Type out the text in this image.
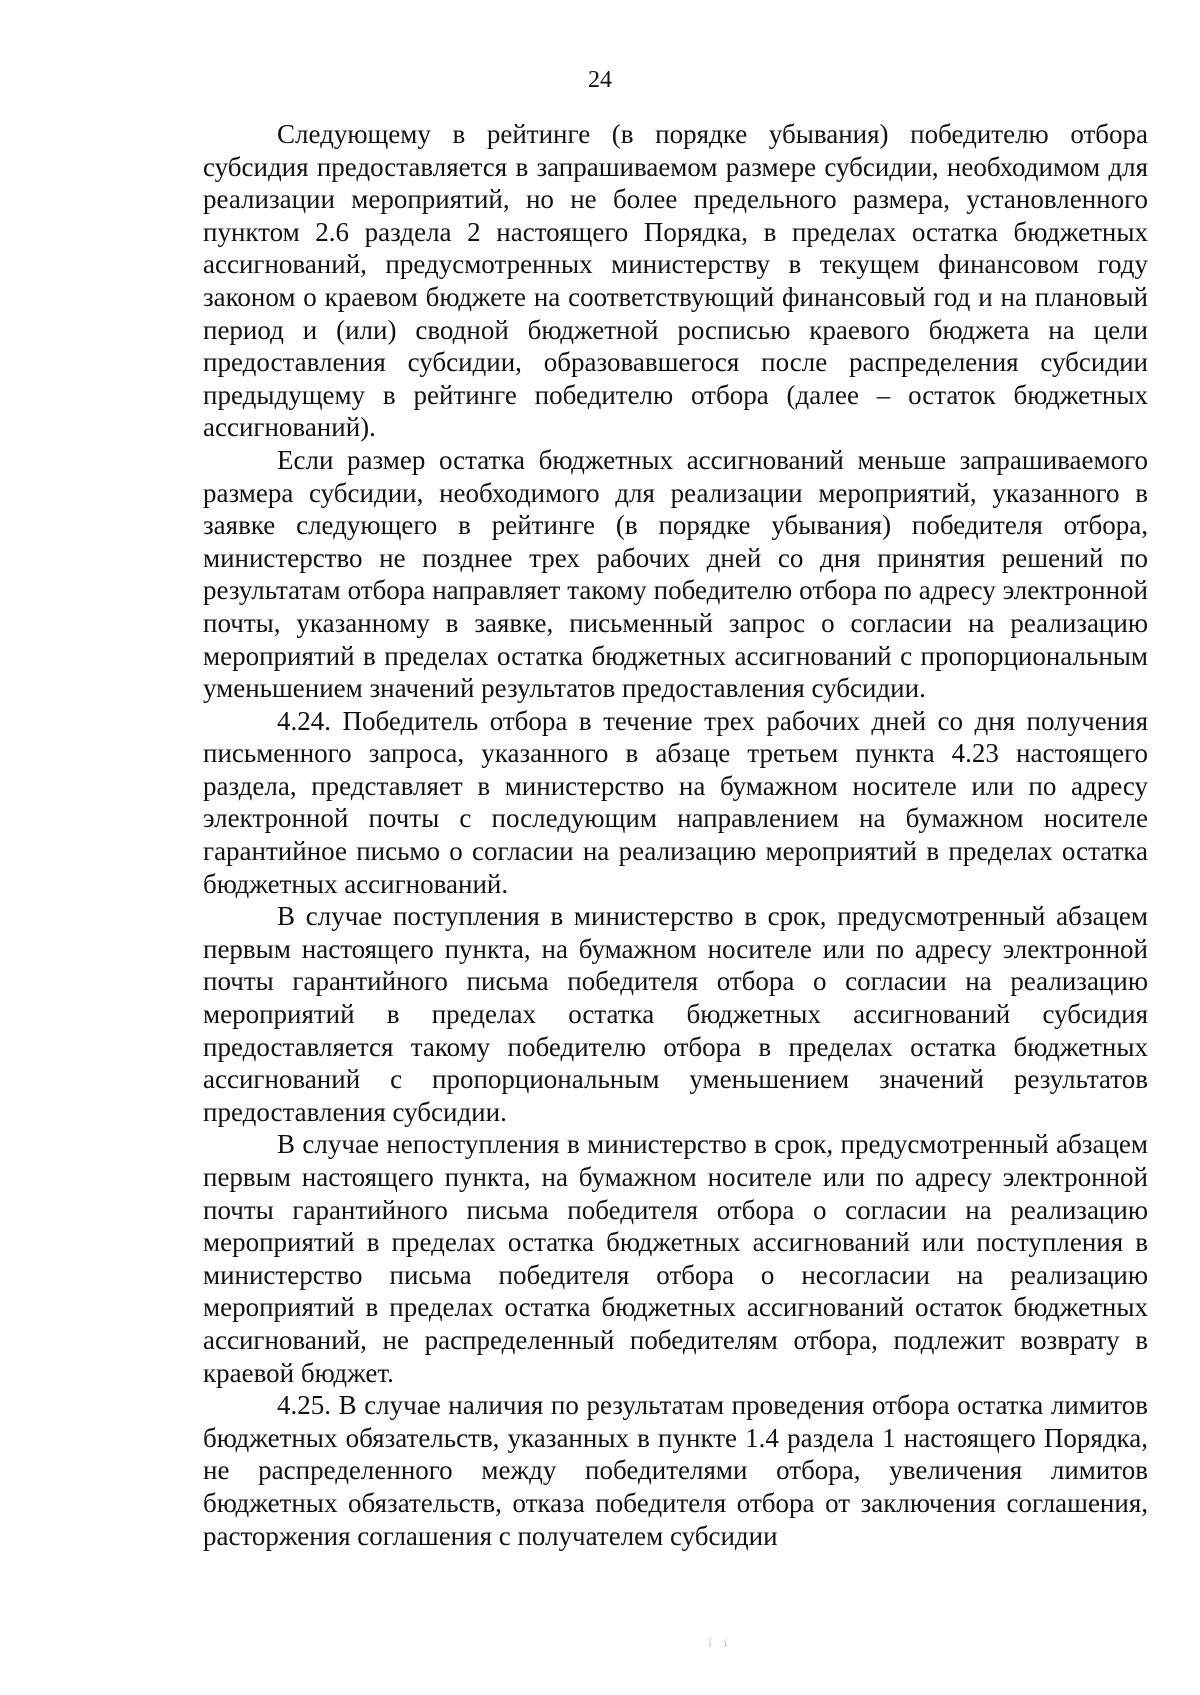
24

Следующему в рейтинге (в порядке убывания) победителю отбора субсидия предоставляется в запрашиваемом размере субсидии, необходимом для реализации мероприятий, но не более предельного размера, установленного пунктом 2.6 раздела 2 настоящего Порядка, в пределах остатка бюджетных ассигнований, предусмотренных министерству в текущем финансовом году законом о краевом бюджете на соответствующий финансовый год и на плановый период и (или) сводной бюджетной росписью краевого бюджета на цели предоставления субсидии, образовавшегося после распределения субсидии предыдущему в рейтинге победителю отбора (далее – остаток бюджетных ассигнований).

Если размер остатка бюджетных ассигнований меньше запрашиваемого размера субсидии, необходимого для реализации мероприятий, указанного в заявке следующего в рейтинге (в порядке убывания) победителя отбора, министерство не позднее трех рабочих дней со дня принятия решений по результатам отбора направляет такому победителю отбора по адресу электронной почты, указанному в заявке, письменный запрос о согласии на реализацию мероприятий в пределах остатка бюджетных ассигнований с пропорциональным уменьшением значений результатов предоставления субсидии.

4.24. Победитель отбора в течение трех рабочих дней со дня получения письменного запроса, указанного в абзаце третьем пункта 4.23 настоящего раздела, представляет в министерство на бумажном носителе или по адресу электронной почты с последующим направлением на бумажном носителе гарантийное письмо о согласии на реализацию мероприятий в пределах остатка бюджетных ассигнований.

В случае поступления в министерство в срок, предусмотренный абзацем первым настоящего пункта, на бумажном носителе или по адресу электронной почты гарантийного письма победителя отбора о согласии на реализацию мероприятий в пределах остатка бюджетных ассигнований субсидия предоставляется такому победителю отбора в пределах остатка бюджетных ассигнований с пропорциональным уменьшением значений результатов предоставления субсидии.

В случае непоступления в министерство в срок, предусмотренный абзацем первым настоящего пункта, на бумажном носителе или по адресу электронной почты гарантийного письма победителя отбора о согласии на реализацию мероприятий в пределах остатка бюджетных ассигнований или поступления в министерство письма победителя отбора о несогласии на реализацию мероприятий в пределах остатка бюджетных ассигнований остаток бюджетных ассигнований, не распределенный победителям отбора, подлежит возврату в краевой бюджет.

4.25. В случае наличия по результатам проведения отбора остатка лимитов бюджетных обязательств, указанных в пункте 1.4 раздела 1 настоящего Порядка, не распределенного между победителями отбора, увеличения лимитов бюджетных обязательств, отказа победителя отбора от заключения соглашения, расторжения соглашения с получателем субсидии

ї і
